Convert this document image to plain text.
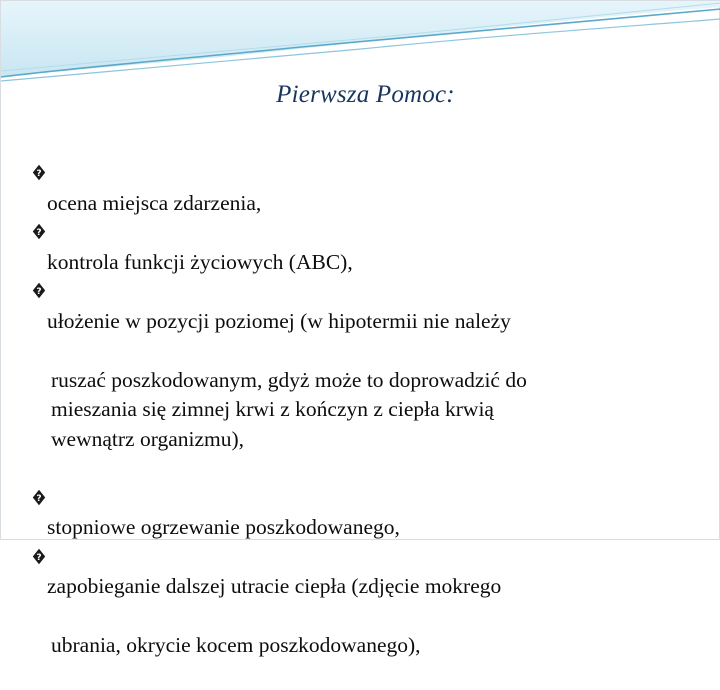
Pierwsza Pomoc:
?

ocena miejsca zdarzenia,

?

kontrola funkcji życiowych (ABC),

?

ułożenie w pozycji poziomej (w hipotermii nie należy

ruszać poszkodowanym, gdyż może to doprowadzić do
mieszania się zimnej krwi z kończyn z ciepła krwią
wewnątrz organizmu),

?

stopniowe ogrzewanie poszkodowanego,

?

zapobieganie dalszej utracie ciepła (zdjęcie mokrego

ubrania, okrycie kocem poszkodowanego),
